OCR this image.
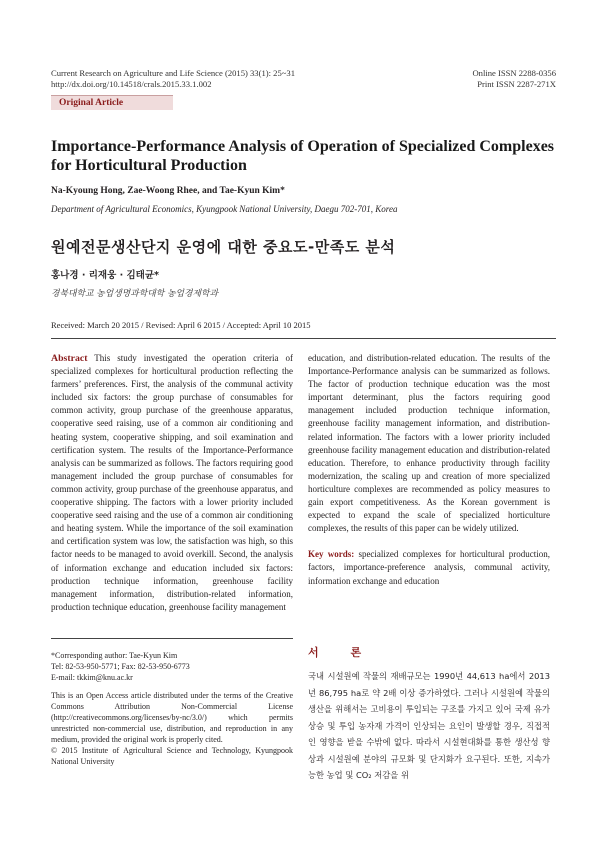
Current Research on Agriculture and Life Science (2015) 33(1): 25~31
http://dx.doi.org/10.14518/crals.2015.33.1.002
Online ISSN 2288-0356
Print ISSN 2287-271X
Original Article
Importance-Performance Analysis of Operation of Specialized Complexes for Horticultural Production
Na-Kyoung Hong, Zae-Woong Rhee, and Tae-Kyun Kim*
Department of Agricultural Economics, Kyungpook National University, Daegu 702-701, Korea
원예전문생산단지 운영에 대한 중요도-만족도 분석
홍나경 · 리재웅 · 김태균*
경북대학교 농업생명과학대학 농업경제학과
Received: March 20 2015 / Revised: April 6 2015 / Accepted: April 10 2015
Abstract This study investigated the operation criteria of specialized complexes for horticultural production reflecting the farmers’ preferences. First, the analysis of the communal activity included six factors: the group purchase of consumables for common activity, group purchase of the greenhouse apparatus, cooperative seed raising, use of a common air conditioning and heating system, cooperative shipping, and soil examination and certification system. The results of the Importance-Performance analysis can be summarized as follows. The factors requiring good management included the group purchase of consumables for common activity, group purchase of the greenhouse apparatus, and cooperative shipping. The factors with a lower priority included cooperative seed raising and the use of a common air conditioning and heating system. While the importance of the soil examination and certification system was low, the satisfaction was high, so this factor needs to be managed to avoid overkill. Second, the analysis of information exchange and education included six factors: production technique information, greenhouse facility management information, distribution-related information, production technique education, greenhouse facility management
education, and distribution-related education. The results of the Importance-Performance analysis can be summarized as follows. The factor of production technique education was the most important determinant, plus the factors requiring good management included production technique information, greenhouse facility management information, and distribution-related information. The factors with a lower priority included greenhouse facility management education and distribution-related education. Therefore, to enhance productivity through facility modernization, the scaling up and creation of more specialized horticulture complexes are recommended as policy measures to gain export competitiveness. As the Korean government is expected to expand the scale of specialized horticulture complexes, the results of this paper can be widely utilized.
Key words: specialized complexes for horticultural production, factors, importance-preference analysis, communal activity, information exchange and education
*Corresponding author: Tae-Kyun Kim
Tel: 82-53-950-5771; Fax: 82-53-950-6773
E-mail: tkkim@knu.ac.kr
This is an Open Access article distributed under the terms of the Creative Commons Attribution Non-Commercial License (http://creativecommons.org/licenses/by-nc/3.0/) which permits unrestricted non-commercial use, distribution, and reproduction in any medium, provided the original work is properly cited.
© 2015 Institute of Agricultural Science and Technology, Kyungpook National University
서 론
국내 시설원예 작물의 재배규모는 1990년 44,613 ha에서 2013년 86,795 ha로 약 2배 이상 증가하였다. 그러나 시설원예 작물의 생산을 위해서는 고비용이 투입되는 구조를 가지고 있어 국제 유가 상승 및 투입 농자재 가격이 인상되는 요인이 발생할 경우, 직접적인 영향을 받을 수밖에 없다. 따라서 시설현대화를 통한 생산성 향상과 시설원예 분야의 규모화 및 단지화가 요구된다. 또한, 지속가능한 농업 및 CO₂ 저감을 위
